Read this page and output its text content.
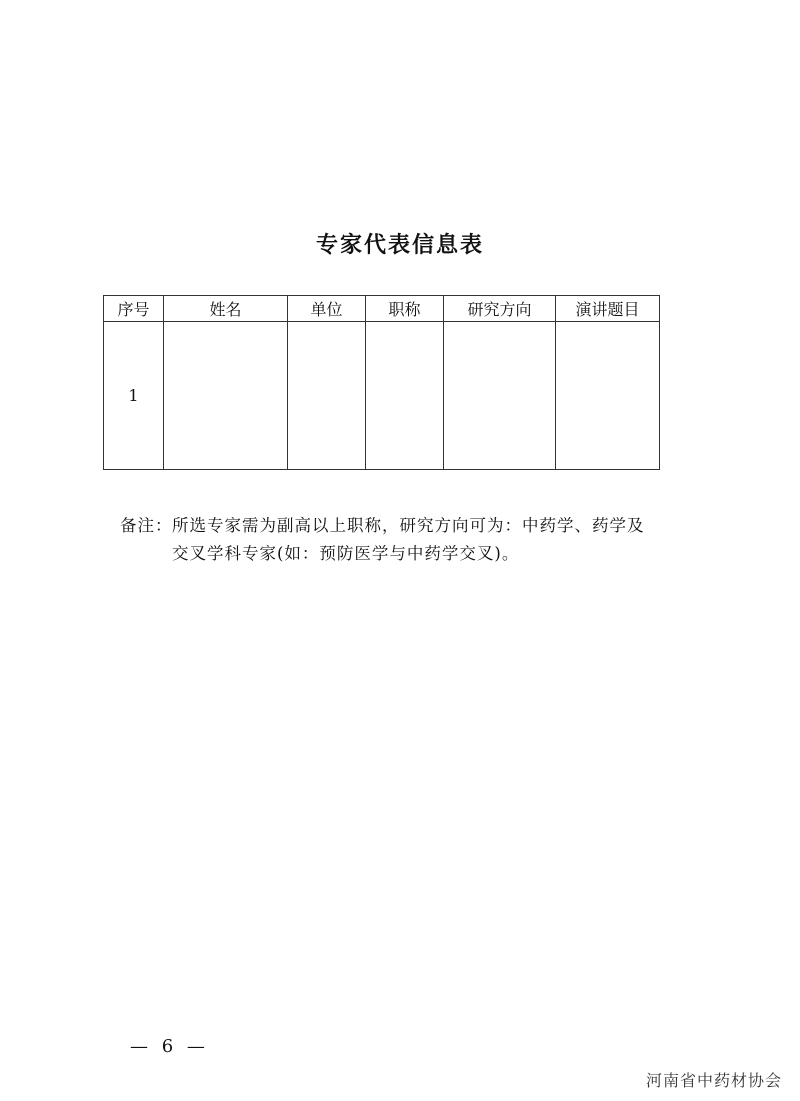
专家代表信息表
序号	姓名	单位	职称	研究方向	演讲题目
1					
备注： 所选专家需为副高以上职称，研究方向可为：中药学、药学及交叉学科专家(如：预防医学与中药学交叉)。
— 6 —
河南省中药材协会
